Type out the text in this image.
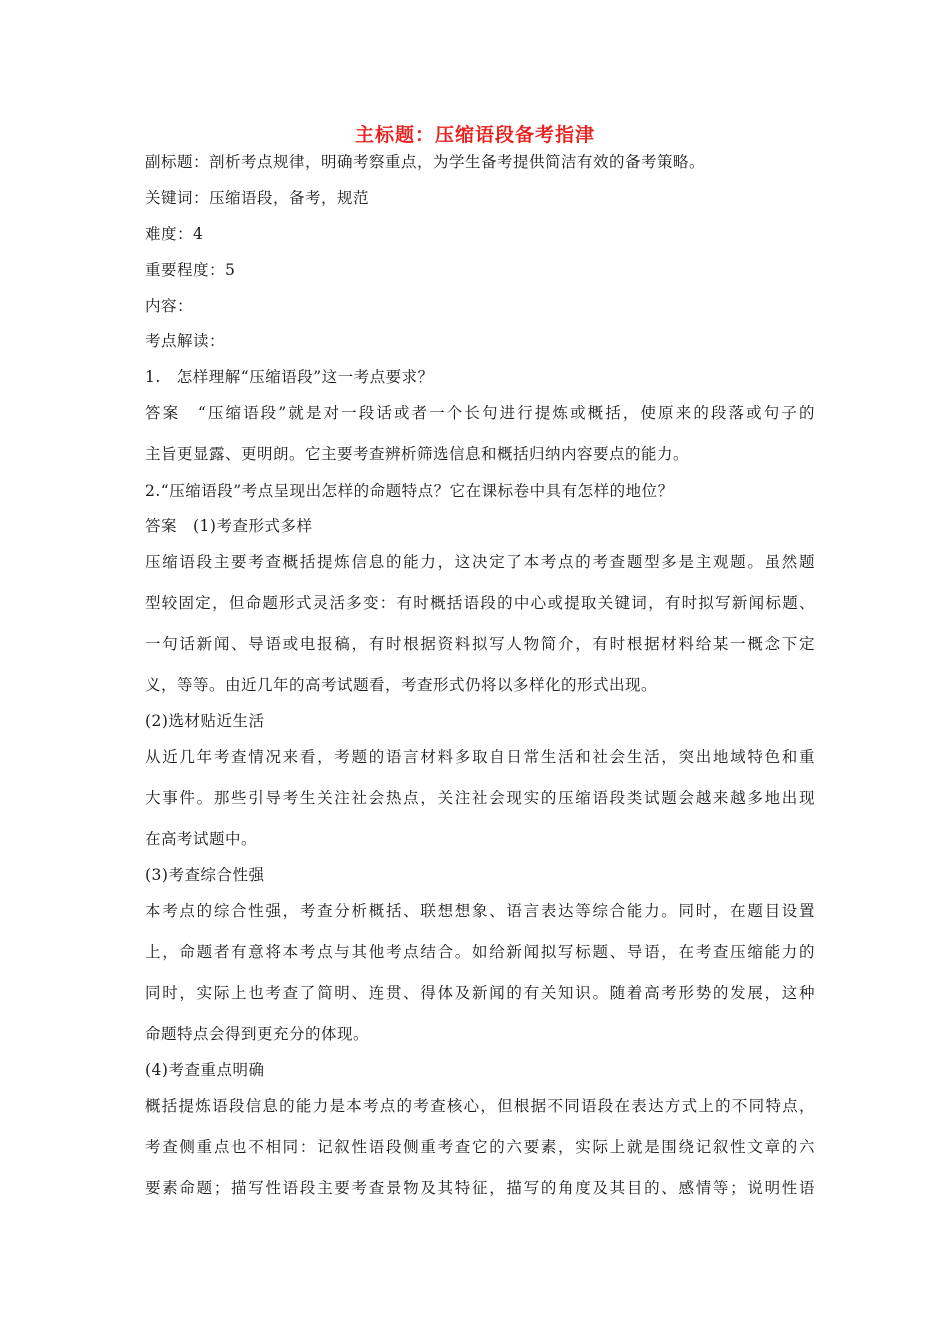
主标题：压缩语段备考指津
副标题：剖析考点规律，明确考察重点，为学生备考提供简洁有效的备考策略。
关键词：压缩语段，备考，规范
难度：4
重要程度：5
内容：
考点解读：
1.　怎样理解“压缩语段”这一考点要求？
答案　“压缩语段”就是对一段话或者一个长句进行提炼或概括，使原来的段落或句子的
主旨更显露、更明朗。它主要考查辨析筛选信息和概括归纳内容要点的能力。
2.“压缩语段”考点呈现出怎样的命题特点？它在课标卷中具有怎样的地位？
答案　(1)考查形式多样
压缩语段主要考查概括提炼信息的能力，这决定了本考点的考查题型多是主观题。虽然题
型较固定，但命题形式灵活多变：有时概括语段的中心或提取关键词，有时拟写新闻标题、
一句话新闻、导语或电报稿，有时根据资料拟写人物简介，有时根据材料给某一概念下定
义，等等。由近几年的高考试题看，考查形式仍将以多样化的形式出现。
(2)选材贴近生活
从近几年考查情况来看，考题的语言材料多取自日常生活和社会生活，突出地域特色和重
大事件。那些引导考生关注社会热点，关注社会现实的压缩语段类试题会越来越多地出现
在高考试题中。
(3)考查综合性强
本考点的综合性强，考查分析概括、联想想象、语言表达等综合能力。同时，在题目设置
上，命题者有意将本考点与其他考点结合。如给新闻拟写标题、导语，在考查压缩能力的
同时，实际上也考查了简明、连贯、得体及新闻的有关知识。随着高考形势的发展，这种
命题特点会得到更充分的体现。
(4)考查重点明确
概括提炼语段信息的能力是本考点的考查核心，但根据不同语段在表达方式上的不同特点，
考查侧重点也不相同：记叙性语段侧重考查它的六要素，实际上就是围绕记叙性文章的六
要素命题；描写性语段主要考查景物及其特征，描写的角度及其目的、感情等；说明性语
